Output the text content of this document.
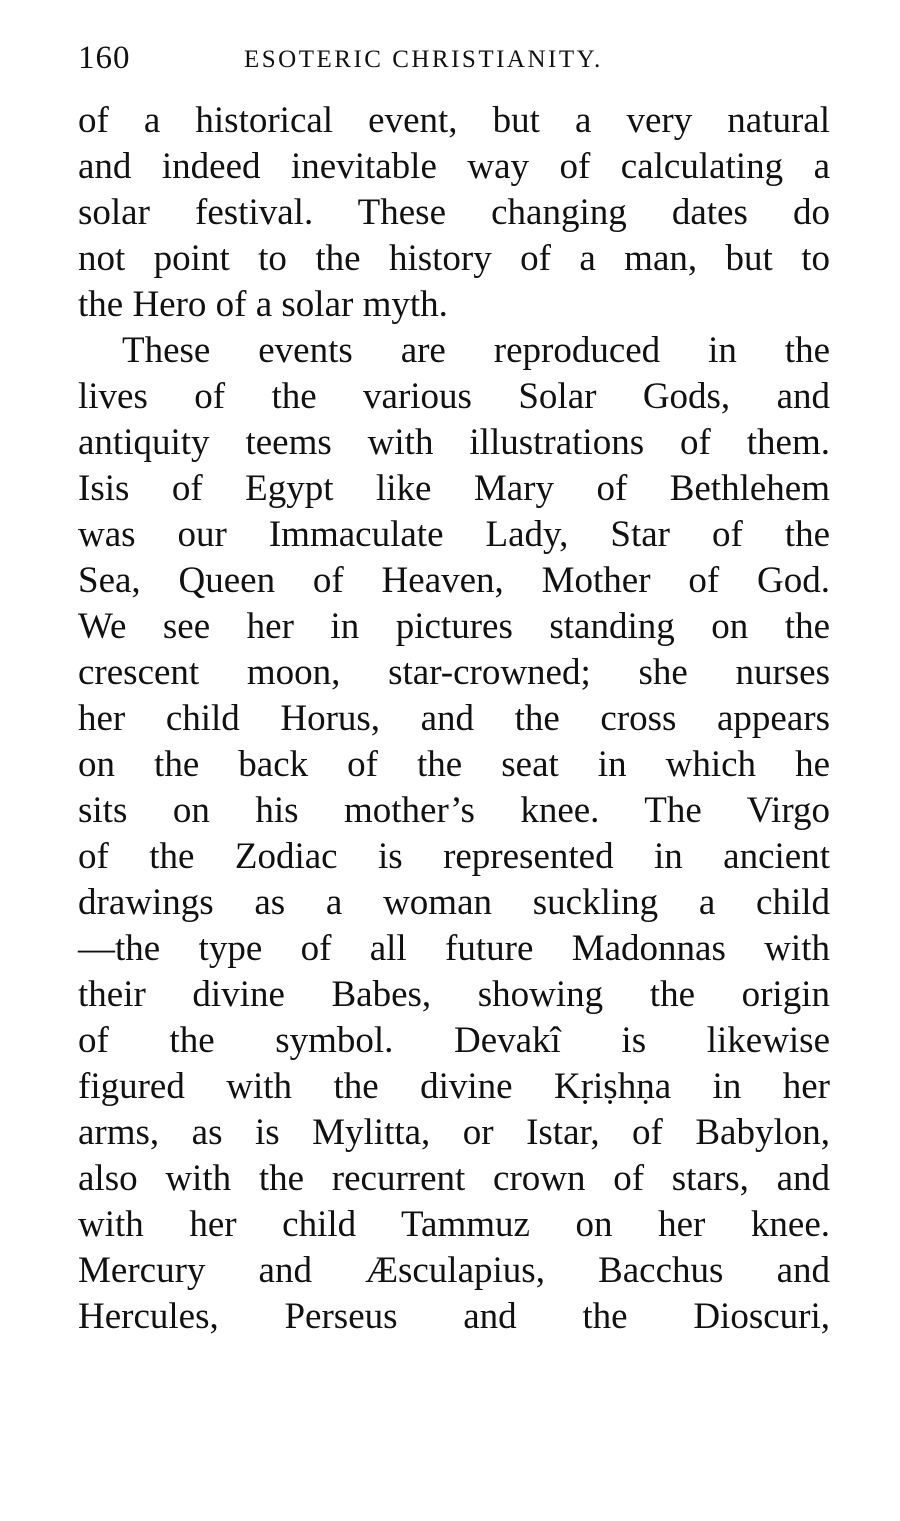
160	ESOTERIC CHRISTIANITY.
of a historical event, but a very natural
and indeed inevitable way of calculating a
solar festival. These changing dates do
not point to the history of a man, but to
the Hero of a solar myth.
These events are reproduced in the
lives of the various Solar Gods, and
antiquity teems with illustrations of them.
Isis of Egypt like Mary of Bethlehem
was our Immaculate Lady, Star of the
Sea, Queen of Heaven, Mother of God.
We see her in pictures standing on the
crescent moon, star-crowned; she nurses
her child Horus, and the cross appears
on the back of the seat in which he
sits on his mother’s knee. The Virgo
of the Zodiac is represented in ancient
drawings as a woman suckling a child
—the type of all future Madonnas with
their divine Babes, showing the origin
of the symbol. Devakî is likewise
figured with the divine Kṛiṣhṇa in her
arms, as is Mylitta, or Istar, of Babylon,
also with the recurrent crown of stars, and
with her child Tammuz on her knee.
Mercury and Æsculapius, Bacchus and
Hercules, Perseus and the Dioscuri,
